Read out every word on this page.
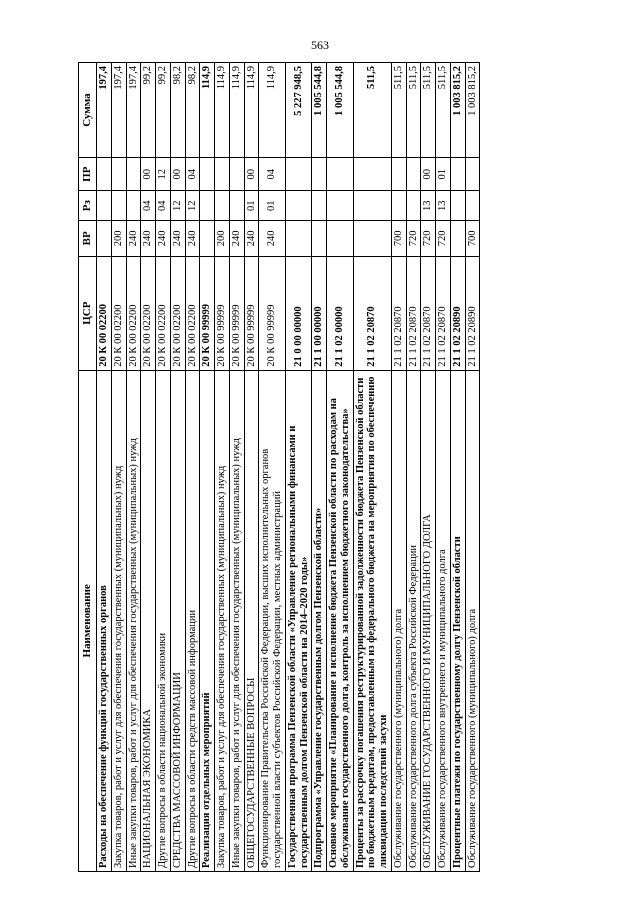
563
Наименование	ЦСР	ВР	Рз	ПР	Сумма
Расходы на обеспечение функций государственных органов	20 К 00 02200				197,4
Закупка товаров, работ и услуг для обеспечения государственных (муниципальных) нужд	20 К 00 02200	200			197,4
Иные закупки товаров, работ и услуг для обеспечения государственных (муниципальных) нужд	20 К 00 02200	240			197,4
НАЦИОНАЛЬНАЯ ЭКОНОМИКА	20 К 00 02200	240	04	00	99,2
Другие вопросы в области национальной экономики	20 К 00 02200	240	04	12	99,2
СРЕДСТВА МАССОВОЙ ИНФОРМАЦИИ	20 К 00 02200	240	12	00	98,2
Другие вопросы в области средств массовой информации	20 К 00 02200	240	12	04	98,2
Реализация отдельных мероприятий	20 К 00 99999				114,9
Закупка товаров, работ и услуг для обеспечения государственных (муниципальных) нужд	20 К 00 99999	200			114,9
Иные закупки товаров, работ и услуг для обеспечения государственных (муниципальных) нужд	20 К 00 99999	240			114,9
ОБЩЕГОСУДАРСТВЕННЫЕ ВОПРОСЫ	20 К 00 99999	240	01	00	114,9
Функционирование Правительства Российской Федерации, высших исполнительных органов государственной власти субъектов Российской Федерации, местных администраций	20 К 00 99999	240	01	04	114,9
Государственная программа Пензенской области «Управление региональными финансами и государственным долгом Пензенской области на 2014–2020 годы»	21 0 00 00000				5 227 948,5
Подпрограмма «Управление государственным долгом Пензенской области»	21 1 00 00000				1 005 544,8
Основное мероприятие «Планирование и исполнение бюджета Пензенской области по расходам на обслуживание государственного долга, контроль за исполнением бюджетного законодательства»	21 1 02 00000				1 005 544,8
Проценты за рассрочку погашения реструктурированной задолженности бюджета Пензенской области по бюджетным кредитам, предоставленным из федерального бюджета на мероприятия по обеспечению ликвидации последствий засухи	21 1 02 20870				511,5
Обслуживание государственного (муниципального) долга	21 1 02 20870	700			511,5
Обслуживание государственного долга субъекта Российской Федерации	21 1 02 20870	720			511,5
ОБСЛУЖИВАНИЕ ГОСУДАРСТВЕННОГО И МУНИЦИПАЛЬНОГО ДОЛГА	21 1 02 20870	720	13	00	511,5
Обслуживание государственного внутреннего и муниципального долга	21 1 02 20870	720	13	01	511,5
Процентные платежи по государственному долгу Пензенской области	21 1 02 20890				1 003 815,2
Обслуживание государственного (муниципального) долга	21 1 02 20890	700			1 003 815,2
